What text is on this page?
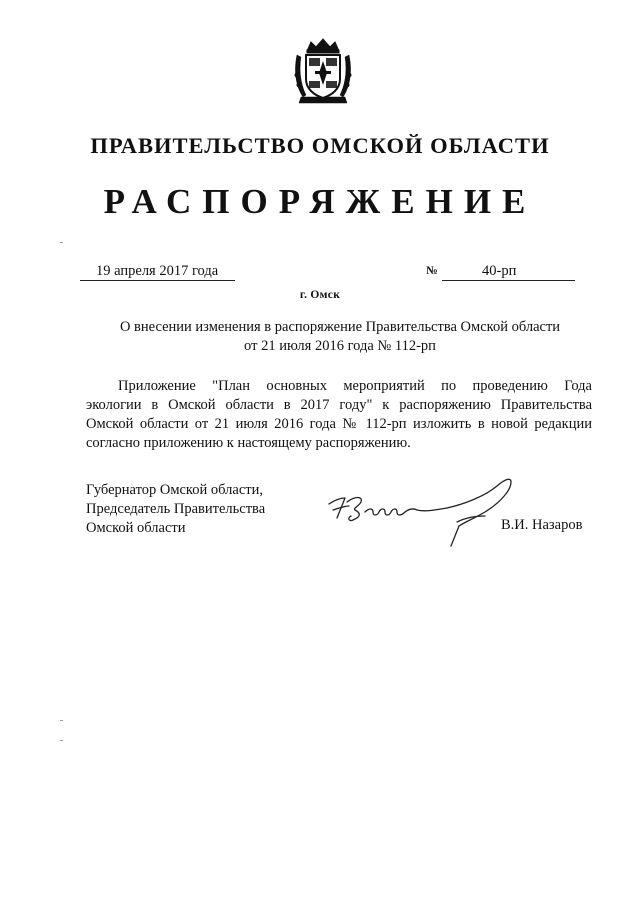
ПРАВИТЕЛЬСТВО ОМСКОЙ ОБЛАСТИ
РАСПОРЯЖЕНИЕ
19 апреля 2017 года	№	40-рп
г. Омск
О внесении изменения в распоряжение Правительства Омской области
от 21 июля 2016 года № 112-рп
Приложение "План основных мероприятий по проведению Года
экологии в Омской области в 2017 году" к распоряжению Правительства
Омской области от 21 июля 2016 года № 112-рп изложить в новой редакции
согласно приложению к настоящему распоряжению.
Губернатор Омской области,
Председатель Правительства
Омской области	В.И. Назаров
